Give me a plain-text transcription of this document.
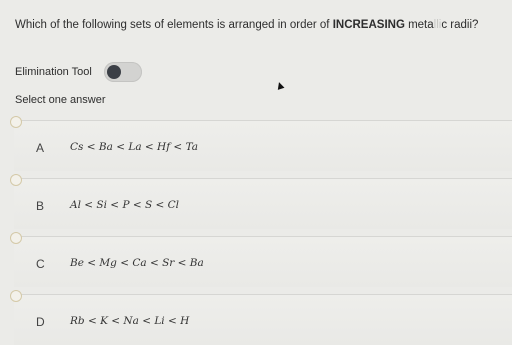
Which of the following sets of elements is arranged in order of INCREASING metallic radii?
Elimination Tool
▲
Select one answer
A Cs < Ba < La < Hf < Ta
B Al < Si < P < S < Cl
C Be < Mg < Ca < Sr < Ba
D Rb < K < Na < Li < H
